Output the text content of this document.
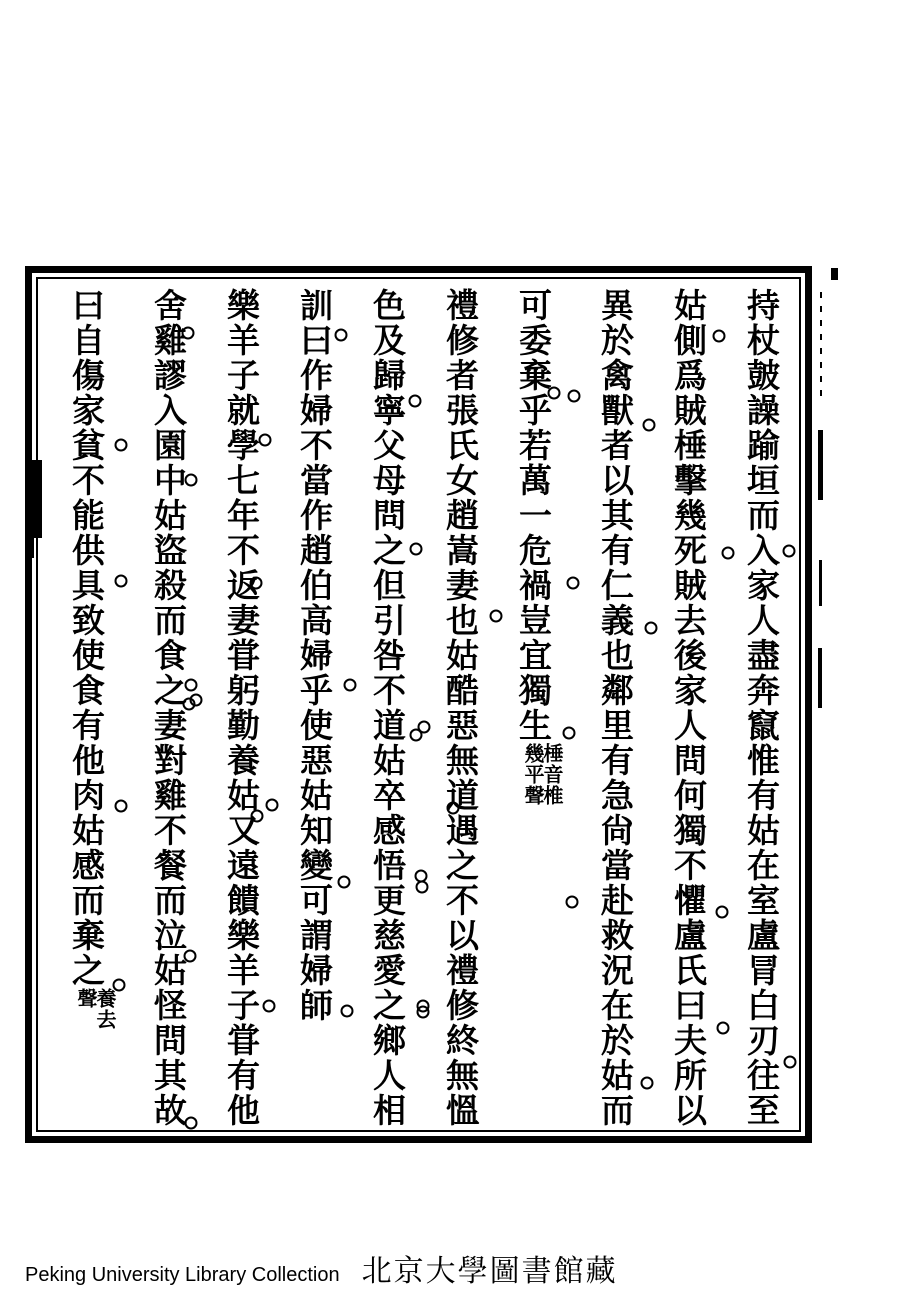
持杖皷譟踰垣而入家人盡奔竄惟有姑在室盧冐白刃往至
姑側爲賊棰擊幾死賊去後家人問何獨不懼盧氏曰夫所以
異於禽獸者以其有仁義也鄰里有急尙當赴救況在於姑而
可委棄乎若萬一危禍豈宜獨生
棰音椎
幾平聲
禮修者張氏女趙嵩妻也姑酷惡無道遇之不以禮修終無慍
色及歸寧父母問之但引咎不道姑卒感悟更慈愛之鄉人相
訓曰作婦不當作趙伯高婦乎使惡姑知變可謂婦師
樂羊子就學七年不返妻甞躬勤養姑又遠饋樂羊子甞有他
舍雞謬入園中姑盜殺而食之妻對雞不餐而泣姑怪問其故
曰自傷家貧不能供具致使食有他肉姑感而棄之
養去
聲
Peking University Library Collection 北京大學圖書館藏
